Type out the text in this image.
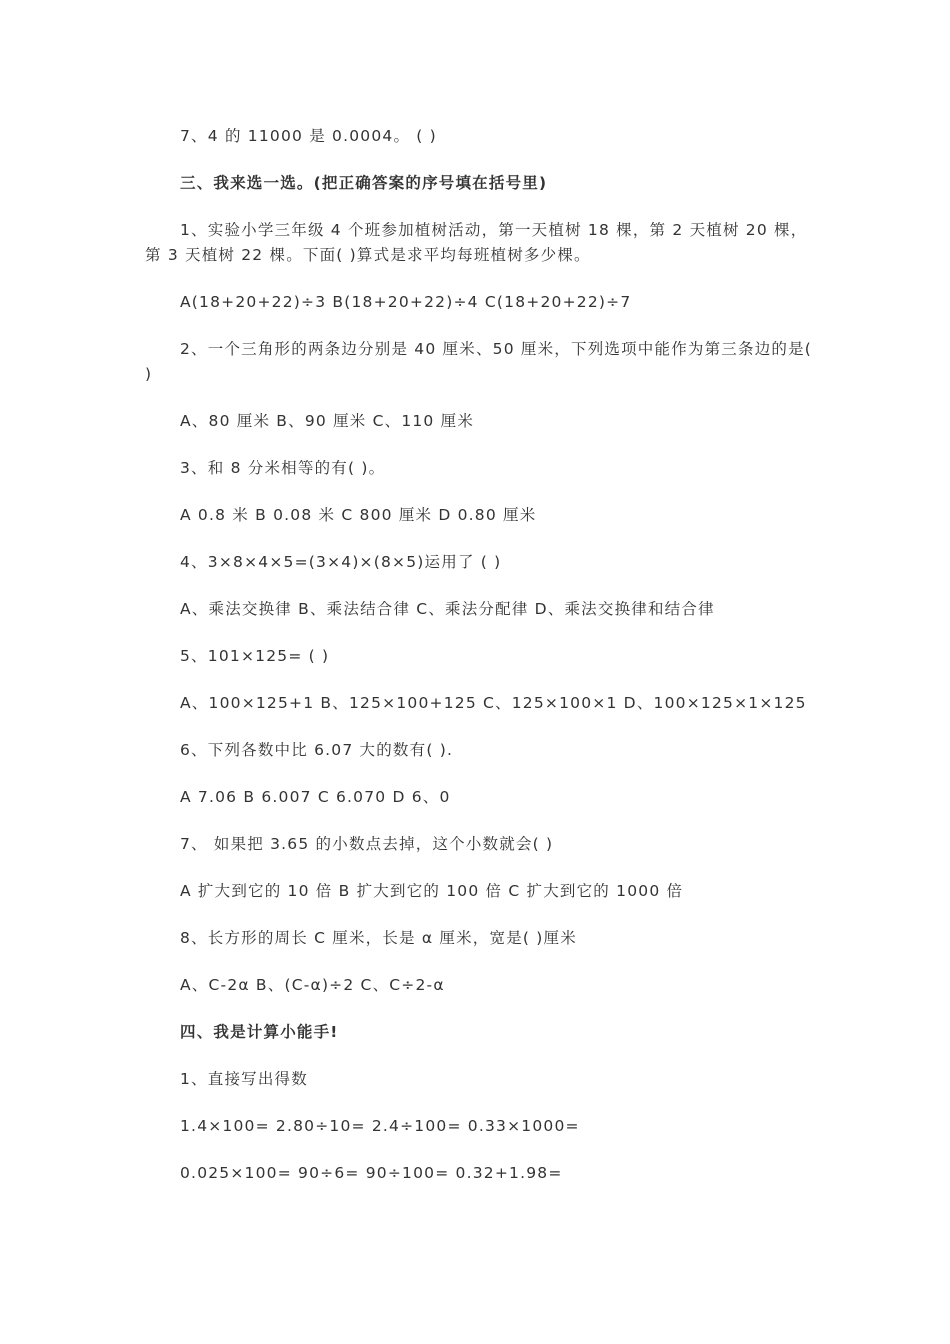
7、4 的 11000 是 0.0004。 ( )

三、我来选一选。(把正确答案的序号填在括号里)

1、实验小学三年级 4 个班参加植树活动，第一天植树 18 棵，第 2 天植树 20 棵，第 3 天植树 22 棵。下面( )算式是求平均每班植树多少棵。

A(18+20+22)÷3 B(18+20+22)÷4 C(18+20+22)÷7

2、一个三角形的两条边分别是 40 厘米、50 厘米，下列选项中能作为第三条边的是( )

A、80 厘米 B、90 厘米 C、110 厘米

3、和 8 分米相等的有( )。

A 0.8 米 B 0.08 米 C 800 厘米 D 0.80 厘米

4、3×8×4×5=(3×4)×(8×5)运用了 ( )

A、乘法交换律 B、乘法结合律 C、乘法分配律 D、乘法交换律和结合律

5、101×125= ( )

A、100×125+1 B、125×100+125 C、125×100×1 D、100×125×1×125

6、下列各数中比 6.07 大的数有( ).

A 7.06 B 6.007 C 6.070 D 6、0

7、 如果把 3.65 的小数点去掉，这个小数就会( )

A 扩大到它的 10 倍 B 扩大到它的 100 倍 C 扩大到它的 1000 倍

8、长方形的周长 C 厘米，长是 α 厘米，宽是( )厘米

A、C-2α B、(C-α)÷2 C、C÷2-α

四、我是计算小能手!

1、直接写出得数

1.4×100= 2.80÷10= 2.4÷100= 0.33×1000=

0.025×100= 90÷6= 90÷100= 0.32+1.98=
